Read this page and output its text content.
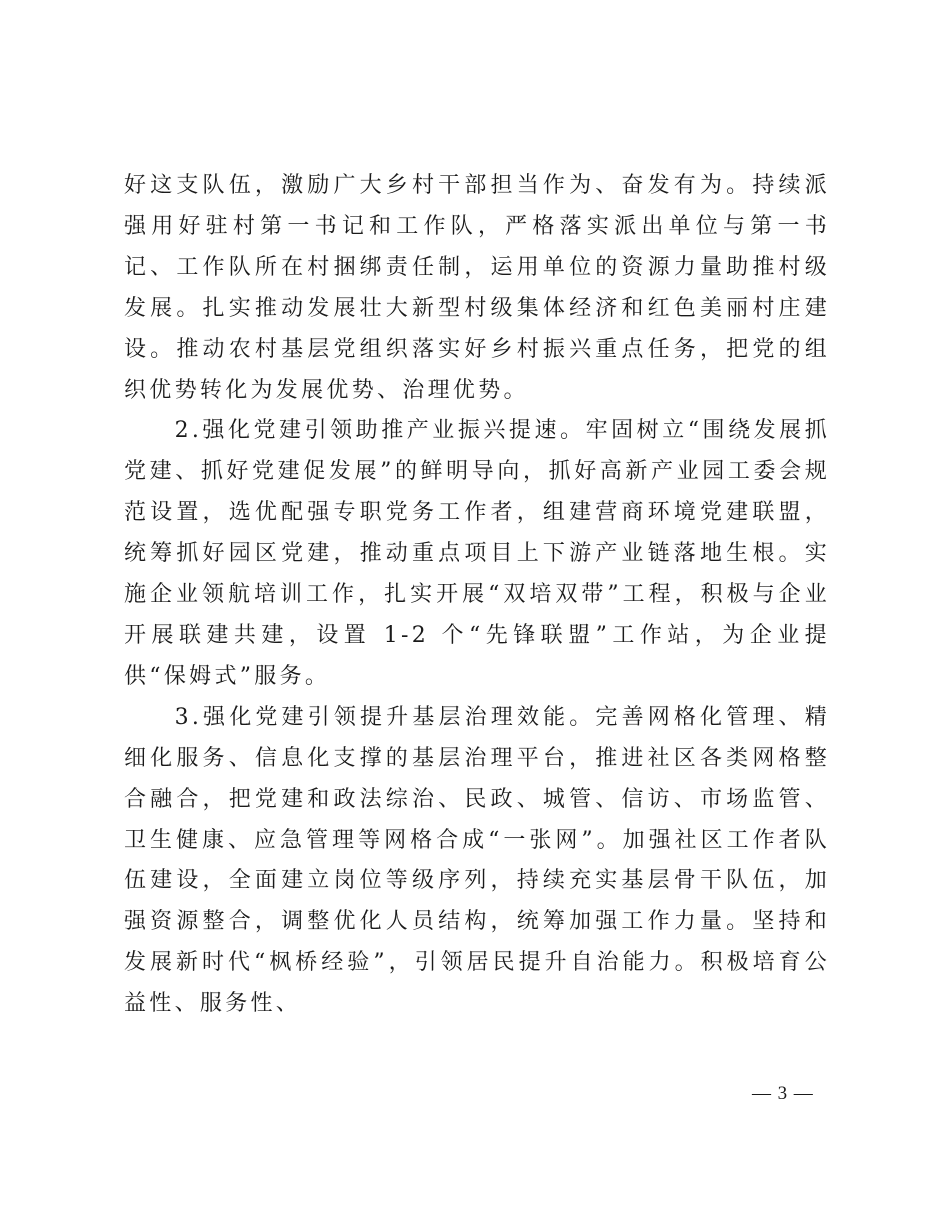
好这支队伍，激励广大乡村干部担当作为、奋发有为。持续派强用好驻村第一书记和工作队，严格落实派出单位与第一书记、工作队所在村捆绑责任制，运用单位的资源力量助推村级发展。扎实推动发展壮大新型村级集体经济和红色美丽村庄建设。推动农村基层党组织落实好乡村振兴重点任务，把党的组织优势转化为发展优势、治理优势。

2.强化党建引领助推产业振兴提速。牢固树立“围绕发展抓党建、抓好党建促发展”的鲜明导向，抓好高新产业园工委会规范设置，选优配强专职党务工作者，组建营商环境党建联盟，统筹抓好园区党建，推动重点项目上下游产业链落地生根。实施企业领航培训工作，扎实开展“双培双带”工程，积极与企业开展联建共建，设置 1-2 个“先锋联盟”工作站，为企业提供“保姆式”服务。

3.强化党建引领提升基层治理效能。完善网格化管理、精细化服务、信息化支撑的基层治理平台，推进社区各类网格整合融合，把党建和政法综治、民政、城管、信访、市场监管、卫生健康、应急管理等网格合成“一张网”。加强社区工作者队伍建设，全面建立岗位等级序列，持续充实基层骨干队伍，加强资源整合，调整优化人员结构，统筹加强工作力量。坚持和发展新时代“枫桥经验”，引领居民提升自治能力。积极培育公益性、服务性、

— 3 —
